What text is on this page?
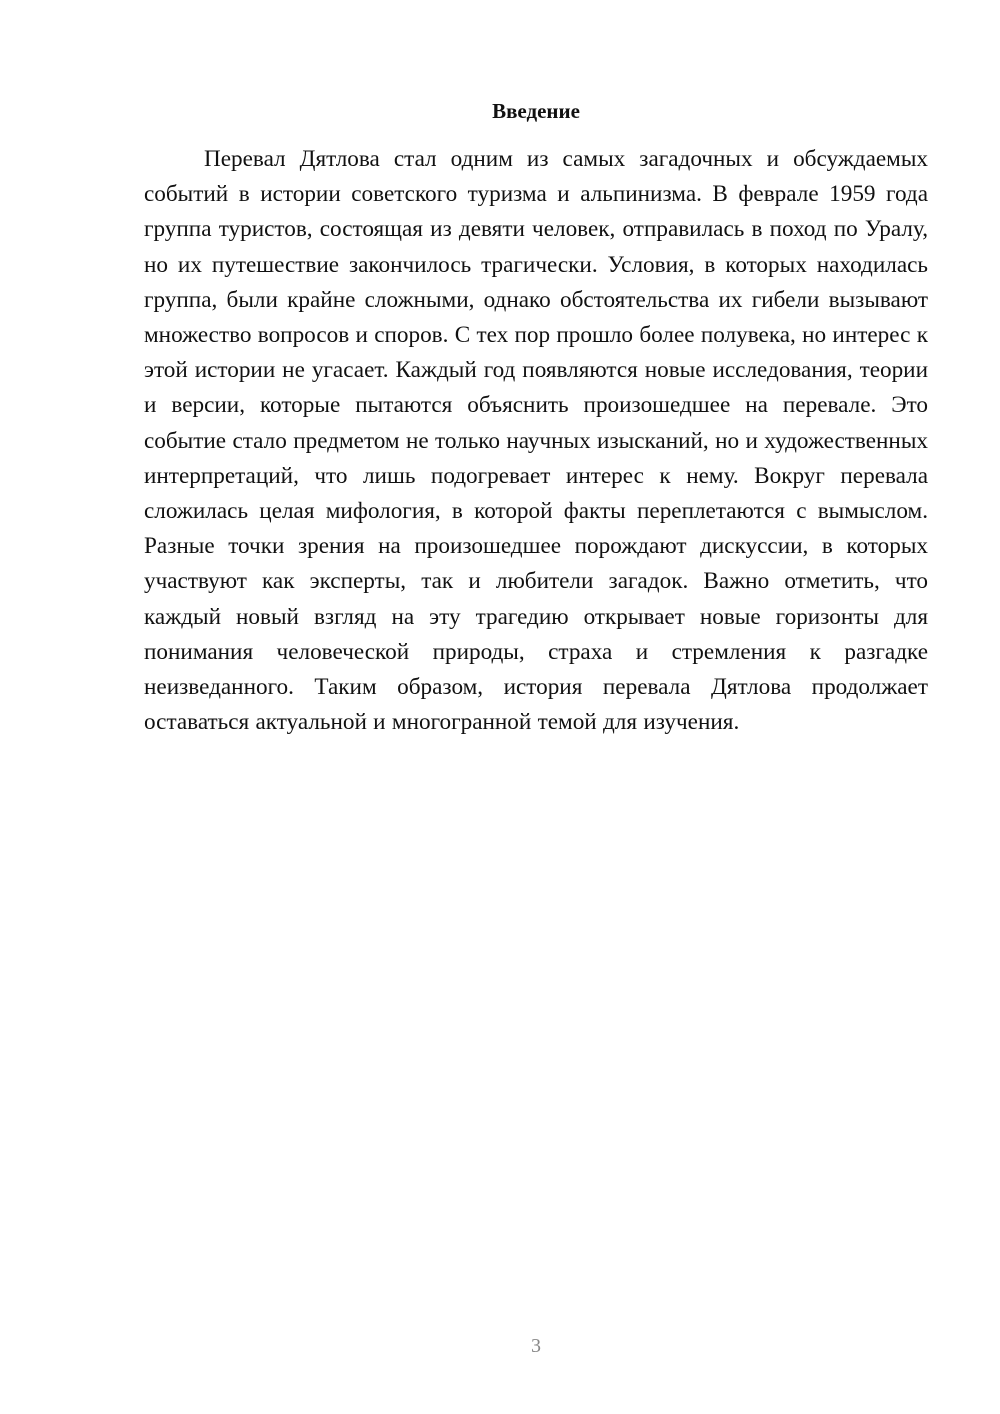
Введение

Перевал Дятлова стал одним из самых загадочных и обсуждаемых событий в истории советского туризма и альпинизма. В феврале 1959 года группа туристов, состоящая из девяти человек, отправилась в поход по Уралу, но их путешествие закончилось трагически. Условия, в которых находилась группа, были крайне сложными, однако обстоятельства их гибели вызывают множество вопросов и споров. С тех пор прошло более полувека, но интерес к этой истории не угасает. Каждый год появляются новые исследования, теории и версии, которые пытаются объяснить произошедшее на перевале. Это событие стало предметом не только научных изысканий, но и художественных интерпретаций, что лишь подогревает интерес к нему. Вокруг перевала сложилась целая мифология, в которой факты переплетаются с вымыслом. Разные точки зрения на произошедшее порождают дискуссии, в которых участвуют как эксперты, так и любители загадок. Важно отметить, что каждый новый взгляд на эту трагедию открывает новые горизонты для понимания человеческой природы, страха и стремления к разгадке неизведанного. Таким образом, история перевала Дятлова продолжает оставаться актуальной и многогранной темой для изучения.

3
